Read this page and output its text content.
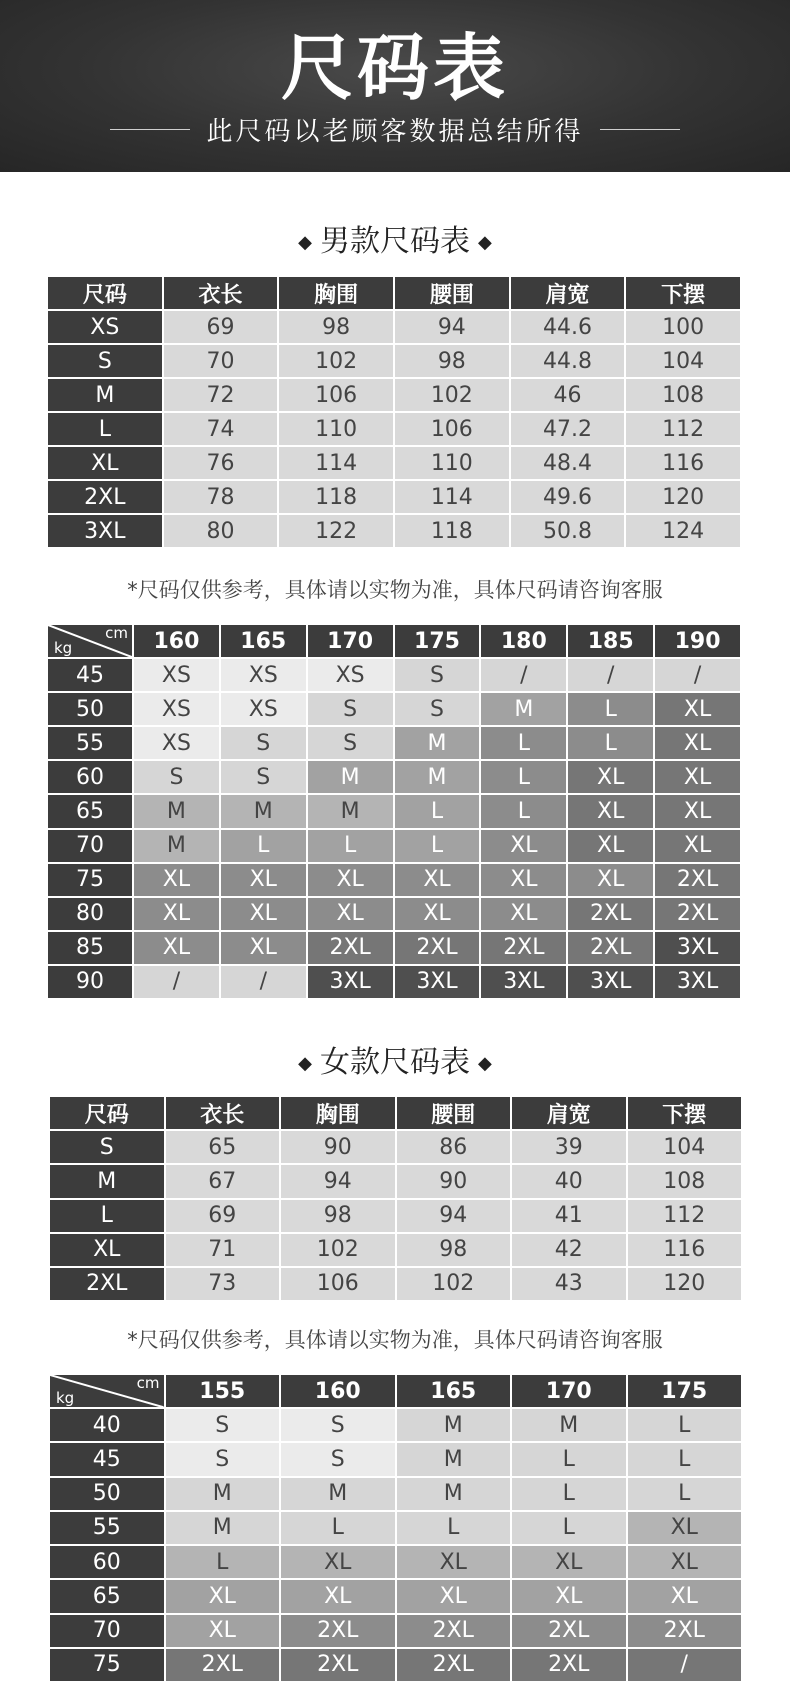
尺码表
此尺码以老顾客数据总结所得
◆ 男款尺码表 ◆
尺码	衣长	胸围	腰围	肩宽	下摆
XS	69	98	94	44.6	100
S	70	102	98	44.8	104
M	72	106	102	46	108
L	74	110	106	47.2	112
XL	76	114	110	48.4	116
2XL	78	118	114	49.6	120
3XL	80	122	118	50.8	124
*尺码仅供参考，具体请以实物为准，具体尺码请咨询客服
cm
kg	160	165	170	175	180	185	190
45	XS	XS	XS	S	/	/	/
50	XS	XS	S	S	M	L	XL
55	XS	S	S	M	L	L	XL
60	S	S	M	M	L	XL	XL
65	M	M	M	L	L	XL	XL
70	M	L	L	L	XL	XL	XL
75	XL	XL	XL	XL	XL	XL	2XL
80	XL	XL	XL	XL	XL	2XL	2XL
85	XL	XL	2XL	2XL	2XL	2XL	3XL
90	/	/	3XL	3XL	3XL	3XL	3XL
◆ 女款尺码表 ◆
尺码	衣长	胸围	腰围	肩宽	下摆
S	65	90	86	39	104
M	67	94	90	40	108
L	69	98	94	41	112
XL	71	102	98	42	116
2XL	73	106	102	43	120
*尺码仅供参考，具体请以实物为准，具体尺码请咨询客服
cm
kg	155	160	165	170	175
40	S	S	M	M	L
45	S	S	M	L	L
50	M	M	M	L	L
55	M	L	L	L	XL
60	L	XL	XL	XL	XL
65	XL	XL	XL	XL	XL
70	XL	2XL	2XL	2XL	2XL
75	2XL	2XL	2XL	2XL	/
